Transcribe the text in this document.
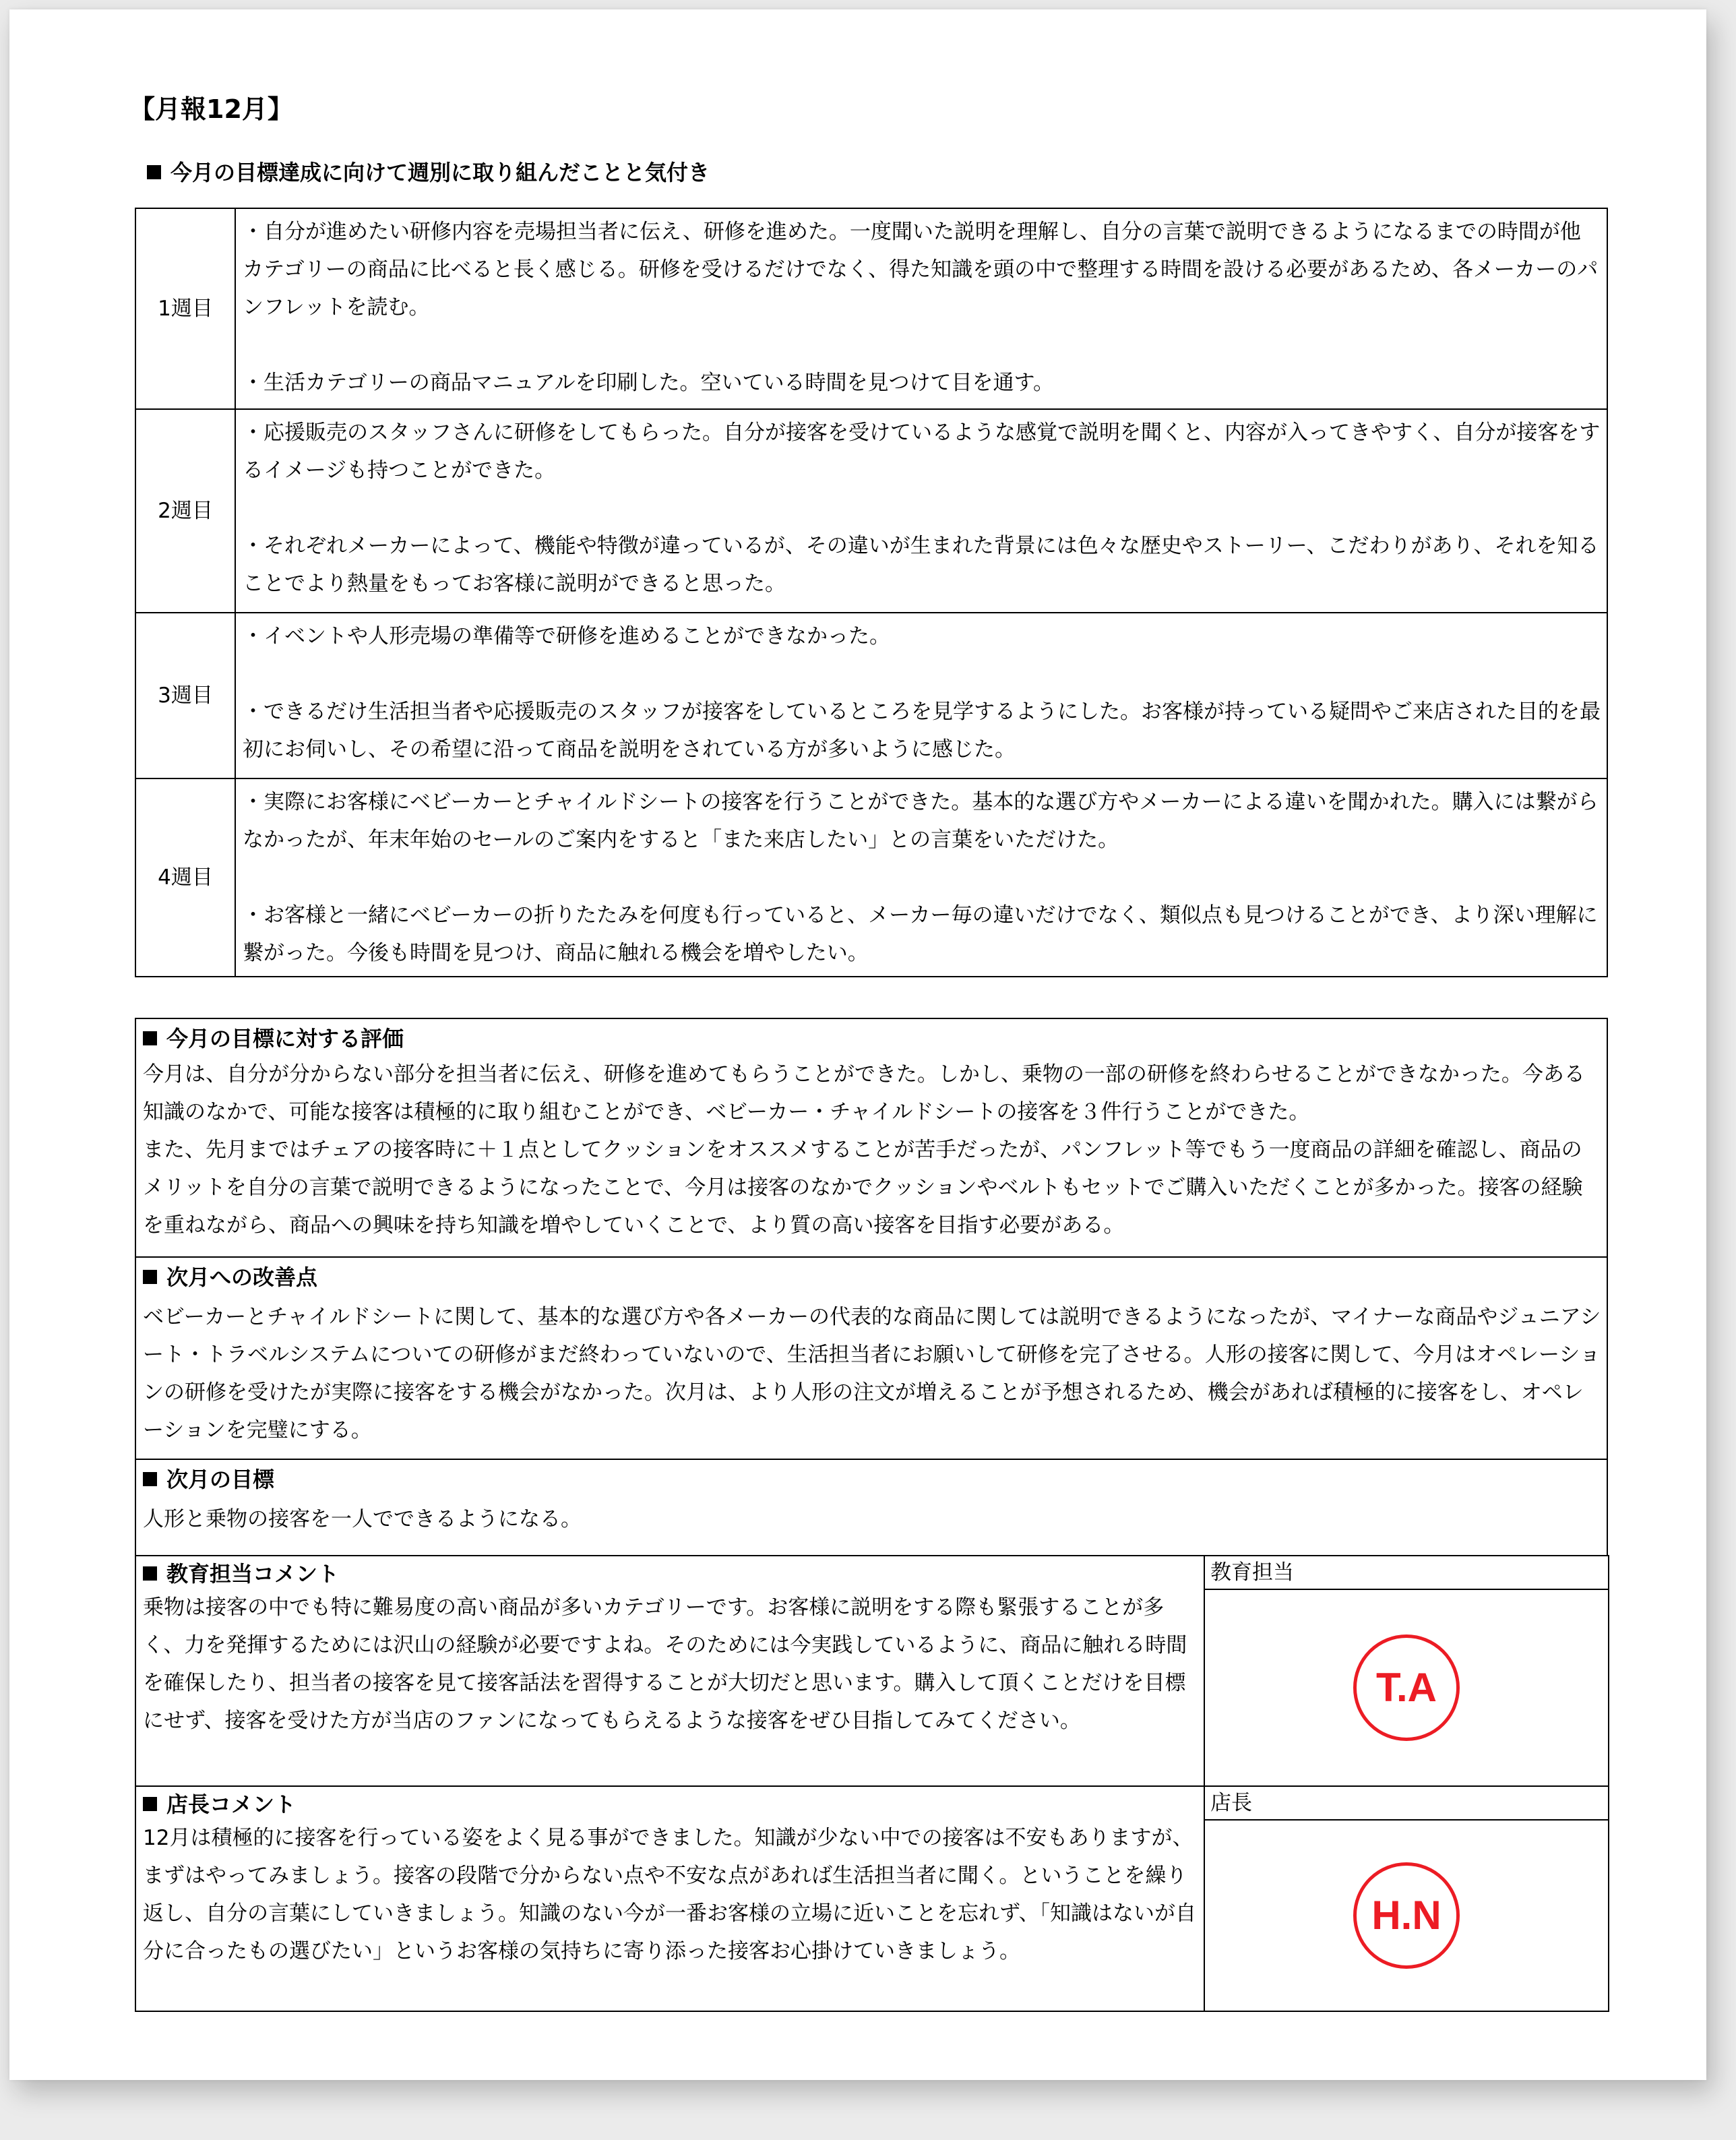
【月報12月】
今月の目標達成に向けて週別に取り組んだことと気付き
1週目	・自分が進めたい研修内容を売場担当者に伝え、研修を進めた。一度聞いた説明を理解し、自分の言葉で説明できるようになるまでの時間が他カテゴリーの商品に比べると長く感じる。研修を受けるだけでなく、得た知識を頭の中で整理する時間を設ける必要があるため、各メーカーのパンフレットを読む。
・生活カテゴリーの商品マニュアルを印刷した。空いている時間を見つけて目を通す。

2週目	・応援販売のスタッフさんに研修をしてもらった。自分が接客を受けているような感覚で説明を聞くと、内容が入ってきやすく、自分が接客をするイメージも持つことができた。
・それぞれメーカーによって、機能や特徴が違っているが、その違いが生まれた背景には色々な歴史やストーリー、こだわりがあり、それを知ることでより熱量をもってお客様に説明ができると思った。

3週目	・イベントや人形売場の準備等で研修を進めることができなかった。
・できるだけ生活担当者や応援販売のスタッフが接客をしているところを見学するようにした。お客様が持っている疑問やご来店された目的を最初にお伺いし、その希望に沿って商品を説明をされている方が多いように感じた。

4週目	・実際にお客様にベビーカーとチャイルドシートの接客を行うことができた。基本的な選び方やメーカーによる違いを聞かれた。購入には繋がらなかったが、年末年始のセールのご案内をすると「また来店したい」との言葉をいただけた。
・お客様と一緒にベビーカーの折りたたみを何度も行っていると、メーカー毎の違いだけでなく、類似点も見つけることができ、より深い理解に繋がった。今後も時間を見つけ、商品に触れる機会を増やしたい。
今月の目標に対する評価
今月は、自分が分からない部分を担当者に伝え、研修を進めてもらうことができた。しかし、乗物の一部の研修を終わらせることができなかった。今ある知識のなかで、可能な接客は積極的に取り組むことができ、ベビーカー・チャイルドシートの接客を３件行うことができた。
また、先月まではチェアの接客時に＋１点としてクッションをオススメすることが苦手だったが、パンフレット等でもう一度商品の詳細を確認し、商品のメリットを自分の言葉で説明できるようになったことで、今月は接客のなかでクッションやベルトもセットでご購入いただくことが多かった。接客の経験を重ねながら、商品への興味を持ち知識を増やしていくことで、より質の高い接客を目指す必要がある。

次月への改善点
ベビーカーとチャイルドシートに関して、基本的な選び方や各メーカーの代表的な商品に関しては説明できるようになったが、マイナーな商品やジュニアシート・トラベルシステムについての研修がまだ終わっていないので、生活担当者にお願いして研修を完了させる。人形の接客に関して、今月はオペレーションの研修を受けたが実際に接客をする機会がなかった。次月は、より人形の注文が増えることが予想されるため、機会があれば積極的に接客をし、オペレーションを完璧にする。

次月の目標
人形と乗物の接客を一人でできるようになる。
教育担当コメント
乗物は接客の中でも特に難易度の高い商品が多いカテゴリーです。お客様に説明をする際も緊張することが多く、力を発揮するためには沢山の経験が必要ですよね。そのためには今実践しているように、商品に触れる時間を確保したり、担当者の接客を見て接客話法を習得することが大切だと思います。購入して頂くことだけを目標にせず、接客を受けた方が当店のファンになってもらえるような接客をぜひ目指してみてください。	教育担当
	T.A

店長コメント
12月は積極的に接客を行っている姿をよく見る事ができました。知識が少ない中での接客は不安もありますが、まずはやってみましょう。接客の段階で分からない点や不安な点があれば生活担当者に聞く。ということを繰り返し、自分の言葉にしていきましょう。知識のない今が一番お客様の立場に近いことを忘れず、「知識はないが自分に合ったもの選びたい」というお客様の気持ちに寄り添った接客お心掛けていきましょう。	店長
	H.N
